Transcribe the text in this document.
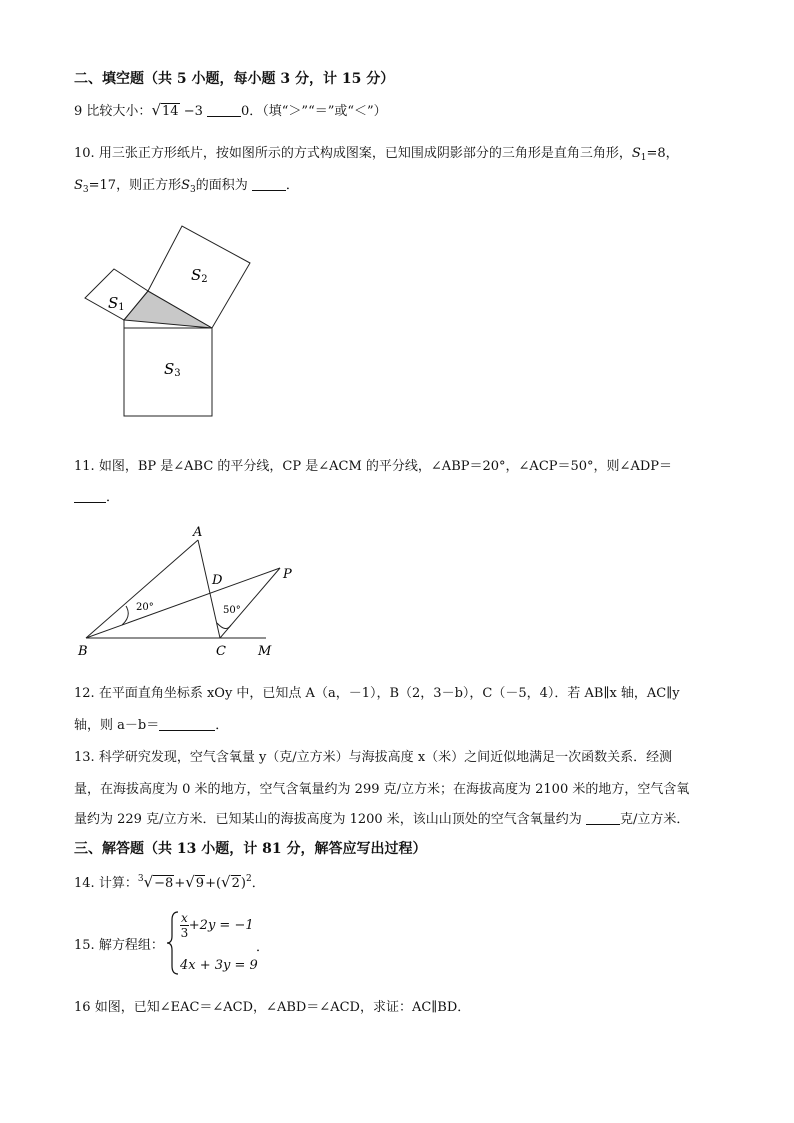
二、填空题（共 5 小题，每小题 3 分，计 15 分）
9 比较大小：√14 −3	0．（填“＞”“＝”或“＜”）
10. 用三张正方形纸片，按如图所示的方式构成图案，已知围成阴影部分的三角形是直角三角形，$S_1=8$，
$S_3=17$，则正方形$S_3$的面积为	．
S1
S2
S3
11. 如图，BP 是∠ABC 的平分线，CP 是∠ACM 的平分线，∠ABP＝20°，∠ACP＝50°，则∠ADP＝
．
A
B	C
D
M
P
20°	50°
12. 在平面直角坐标系 xOy 中，已知点 A（a，－1），B（2，3－b），C（－5，4）．若 AB∥x 轴，AC∥y
轴，则 a－b＝	．
13. 科学研究发现，空气含氧量 y（克/立方米）与海拔高度 x（米）之间近似地满足一次函数关系．经测
量，在海拔高度为 0 米的地方，空气含氧量约为 299 克/立方米；在海拔高度为 2100 米的地方，空气含氧
量约为 229 克/立方米．已知某山的海拔高度为 1200 米，该山山顶处的空气含氧量约为	克/立方米．
三、解答题（共 13 小题，计 81 分，解答应写出过程）
14. 计算：$^3√-8+√9+(√2)^2$．
15. 解方程组：
$\frac{x}{3} +2y = -1$
4x + 3y = 9
．
16 如图，已知∠EAC＝∠ACD，∠ABD＝∠ACD，求证：AC∥BD．
